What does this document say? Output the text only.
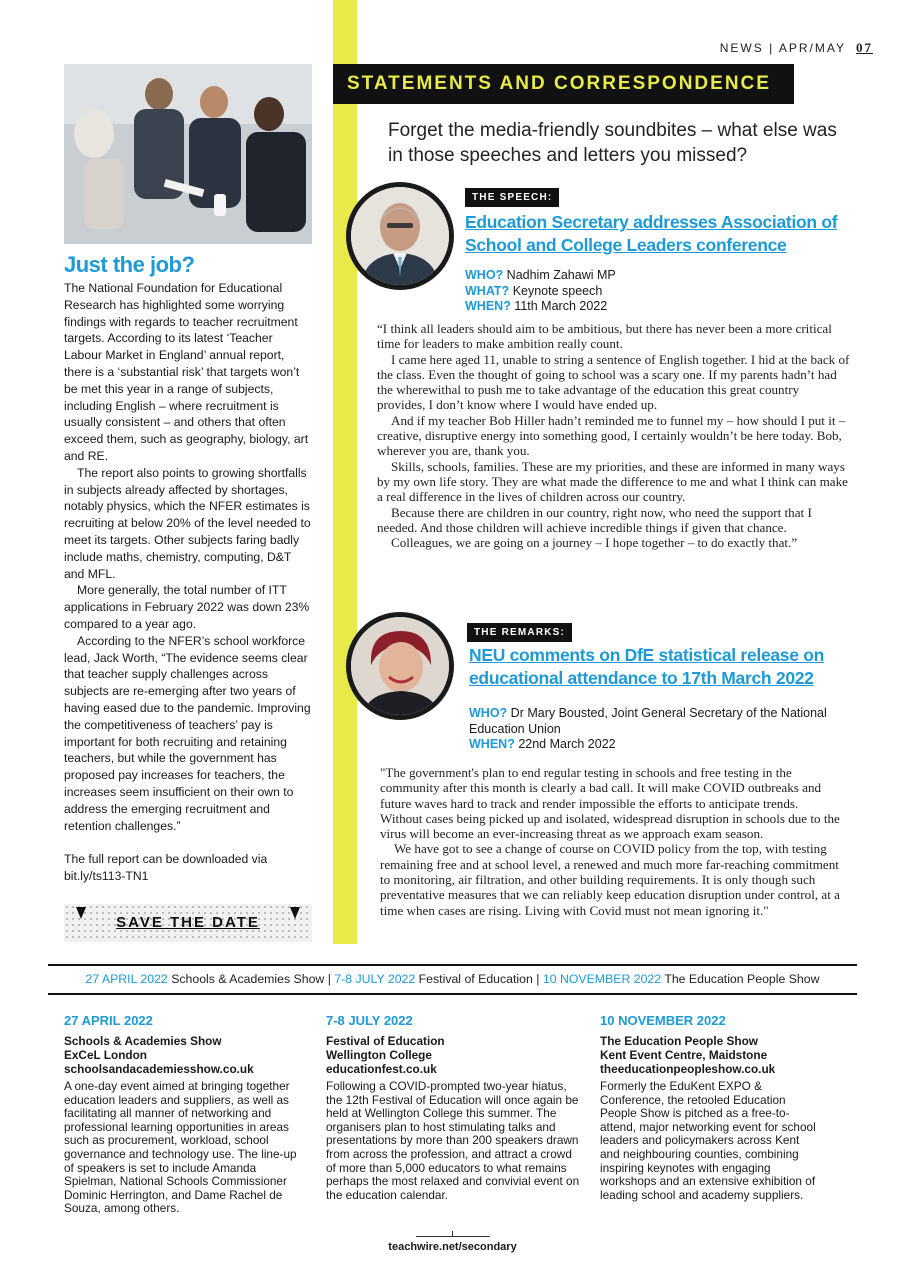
NEWS | APR/MAY 07
Just the job?

The National Foundation for Educational Research has highlighted some worrying findings with regards to teacher recruitment targets. According to its latest ‘Teacher Labour Market in England’ annual report, there is a ‘substantial risk’ that targets won’t be met this year in a range of subjects, including English – where recruitment is usually consistent – and others that often exceed them, such as geography, biology, art and RE.

The report also points to growing shortfalls in subjects already affected by shortages, notably physics, which the NFER estimates is recruiting at below 20% of the level needed to meet its targets. Other subjects faring badly include maths, chemistry, computing, D&T and MFL.

More generally, the total number of ITT applications in February 2022 was down 23% compared to a year ago.

According to the NFER’s school workforce lead, Jack Worth, “The evidence seems clear that teacher supply challenges across subjects are re-emerging after two years of having eased due to the pandemic. Improving the competitiveness of teachers’ pay is important for both recruiting and retaining teachers, but while the government has proposed pay increases for teachers, the increases seem insufficient on their own to address the emerging recruitment and retention challenges.”

The full report can be downloaded via bit.ly/ts113-TN1

SAVE THE DATE
STATEMENTS AND CORRESPONDENCE
Forget the media-friendly soundbites – what else was in those speeches and letters you missed?
THE SPEECH:
Education Secretary addresses Association of School and College Leaders conference
WHO? Nadhim Zahawi MP
WHAT? Keynote speech
WHEN? 11th March 2022

“I think all leaders should aim to be ambitious, but there has never been a more critical time for leaders to make ambition really count.

I came here aged 11, unable to string a sentence of English together. I hid at the back of the class. Even the thought of going to school was a scary one. If my parents hadn’t had the wherewithal to push me to take advantage of the education this great country provides, I don’t know where I would have ended up.

And if my teacher Bob Hiller hadn’t reminded me to funnel my – how should I put it – creative, disruptive energy into something good, I certainly wouldn’t be here today. Bob, wherever you are, thank you.

Skills, schools, families. These are my priorities, and these are informed in many ways by my own life story. They are what made the difference to me and what I think can make a real difference in the lives of children across our country.

Because there are children in our country, right now, who need the support that I needed. And those children will achieve incredible things if given that chance.

Colleagues, we are going on a journey – I hope together – to do exactly that.”

THE REMARKS:
NEU comments on DfE statistical release on educational attendance to 17th March 2022
WHO? Dr Mary Bousted, Joint General Secretary of the National Education Union
WHEN? 22nd March 2022

"The government's plan to end regular testing in schools and free testing in the community after this month is clearly a bad call. It will make COVID outbreaks and future waves hard to track and render impossible the efforts to anticipate trends. Without cases being picked up and isolated, widespread disruption in schools due to the virus will become an ever-increasing threat as we approach exam season.

We have got to see a change of course on COVID policy from the top, with testing remaining free and at school level, a renewed and much more far-reaching commitment to monitoring, air filtration, and other building requirements. It is only though such preventative measures that we can reliably keep education disruption under control, at a time when cases are rising. Living with Covid must not mean ignoring it."

27 APRIL 2022 Schools & Academies Show | 7-8 JULY 2022 Festival of Education | 10 NOVEMBER 2022 The Education People Show
27 APRIL 2022
Schools & Academies Show
ExCeL London
schoolsandacademiesshow.co.uk
A one-day event aimed at bringing together education leaders and suppliers, as well as facilitating all manner of networking and professional learning opportunities in areas such as procurement, workload, school governance and technology use. The line-up of speakers is set to include Amanda Spielman, National Schools Commissioner Dominic Herrington, and Dame Rachel de Souza, among others.
7-8 JULY 2022
Festival of Education
Wellington College
educationfest.co.uk
Following a COVID-prompted two-year hiatus, the 12th Festival of Education will once again be held at Wellington College this summer. The organisers plan to host stimulating talks and presentations by more than 200 speakers drawn from across the profession, and attract a crowd of more than 5,000 educators to what remains perhaps the most relaxed and convivial event on the education calendar.
10 NOVEMBER 2022
The Education People Show
Kent Event Centre, Maidstone
theeducationpeopleshow.co.uk
Formerly the EduKent EXPO & Conference, the retooled Education People Show is pitched as a free-to-attend, major networking event for school leaders and policymakers across Kent and neighbouring counties, combining inspiring keynotes with engaging workshops and an extensive exhibition of leading school and academy suppliers.
teachwire.net/secondary
